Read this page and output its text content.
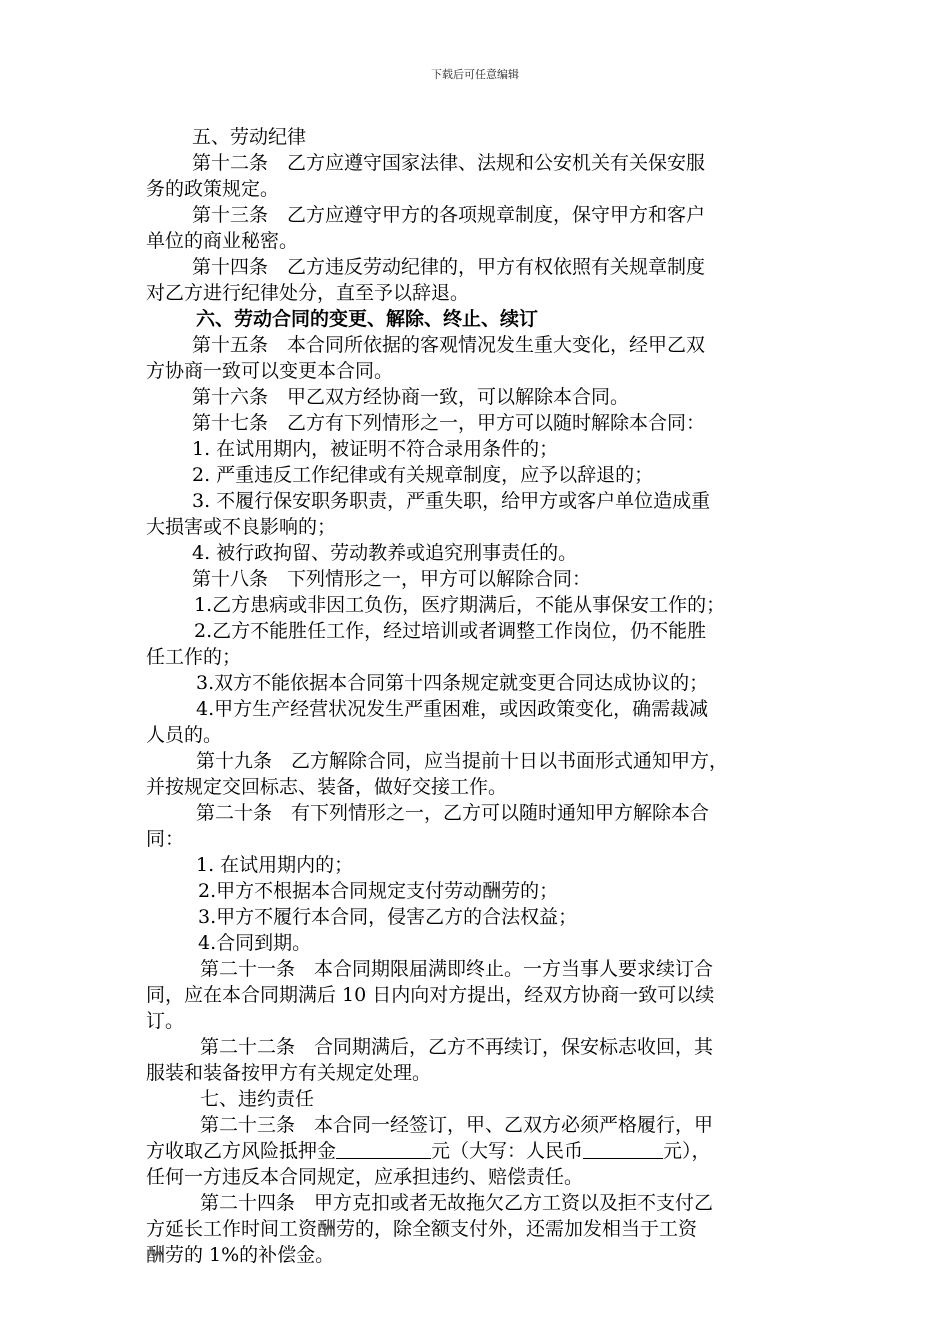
下载后可任意编辑
方收取乙方风险抵押金	元（大写：人民币	元），
五、劳动纪律
第十二条　乙方应遵守国家法律、法规和公安机关有关保安服
务的政策规定。
第十三条　乙方应遵守甲方的各项规章制度，保守甲方和客户
单位的商业秘密。
第十四条　乙方违反劳动纪律的，甲方有权依照有关规章制度
对乙方进行纪律处分，直至予以辞退。
六、劳动合同的变更、解除、终止、续订
第十五条　本合同所依据的客观情况发生重大变化，经甲乙双
方协商一致可以变更本合同。
第十六条　甲乙双方经协商一致，可以解除本合同。
第十七条　乙方有下列情形之一，甲方可以随时解除本合同：
1. 在试用期内，被证明不符合录用条件的；
2. 严重违反工作纪律或有关规章制度，应予以辞退的；
3. 不履行保安职务职责，严重失职，给甲方或客户单位造成重
大损害或不良影响的；
4. 被行政拘留、劳动教养或追究刑事责任的。
第十八条　下列情形之一，甲方可以解除合同：
1.乙方患病或非因工负伤，医疗期满后，不能从事保安工作的；
2.乙方不能胜任工作，经过培训或者调整工作岗位，仍不能胜
任工作的；
3.双方不能依据本合同第十四条规定就变更合同达成协议的；
4.甲方生产经营状况发生严重困难，或因政策变化，确需裁减
人员的。
第十九条　乙方解除合同，应当提前十日以书面形式通知甲方，
并按规定交回标志、装备，做好交接工作。
第二十条　有下列情形之一，乙方可以随时通知甲方解除本合
同：
1. 在试用期内的；
2.甲方不根据本合同规定支付劳动酬劳的；
3.甲方不履行本合同，侵害乙方的合法权益；
4.合同到期。
第二十一条　本合同期限届满即终止。一方当事人要求续订合
同，应在本合同期满后 10 日内向对方提出，经双方协商一致可以续
订。
第二十二条　合同期满后，乙方不再续订，保安标志收回，其
服装和装备按甲方有关规定处理。
七、违约责任
第二十三条　本合同一经签订，甲、乙双方必须严格履行，甲
任何一方违反本合同规定，应承担违约、赔偿责任。
第二十四条　甲方克扣或者无故拖欠乙方工资以及拒不支付乙
方延长工作时间工资酬劳的，除全额支付外，还需加发相当于工资
酬劳的 1%的补偿金。
